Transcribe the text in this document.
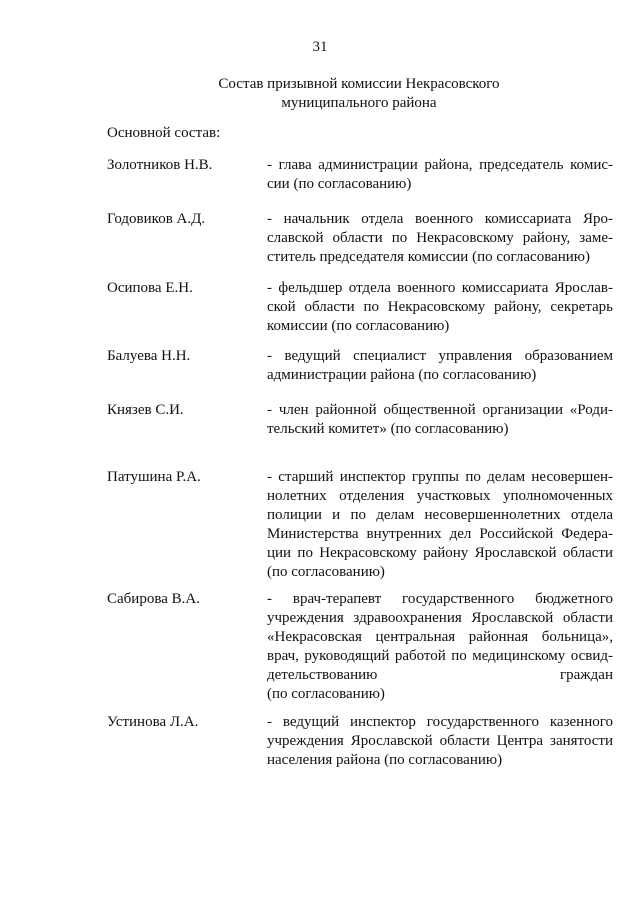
31
Состав призывной комиссии Некрасовского
муниципального района
Основной состав:
Золотников Н.В.	- глава администрации района, председатель комис-
сии (по согласованию)
Годовиков А.Д.	- начальник отдела военного комиссариата Яро-
славской области по Некрасовскому району, заме-
ститель председателя комиссии (по согласованию)
Осипова Е.Н.	- фельдшер отдела военного комиссариата Ярослав-
ской области по Некрасовскому району, секретарь
комиссии (по согласованию)
Балуева Н.Н.	- ведущий специалист управления образованием
администрации района (по согласованию)
Князев С.И.	- член районной общественной организации «Роди-
тельский комитет» (по согласованию)
Патушина Р.А.	- старший инспектор группы по делам несовершен-
нолетних отделения участковых уполномоченных
полиции и по делам несовершеннолетних отдела
Министерства внутренних дел Российской Федера-
ции по Некрасовскому району Ярославской области
(по согласованию)
Сабирова В.А.	- врач-терапевт государственного бюджетного
учреждения здравоохранения Ярославской области
«Некрасовская центральная районная больница»,
врач, руководящий работой по медицинскому освид-
детельствованию граждан
(по согласованию)
Устинова Л.А.	- ведущий инспектор государственного казенного
учреждения Ярославской области Центра занятости
населения района (по согласованию)
